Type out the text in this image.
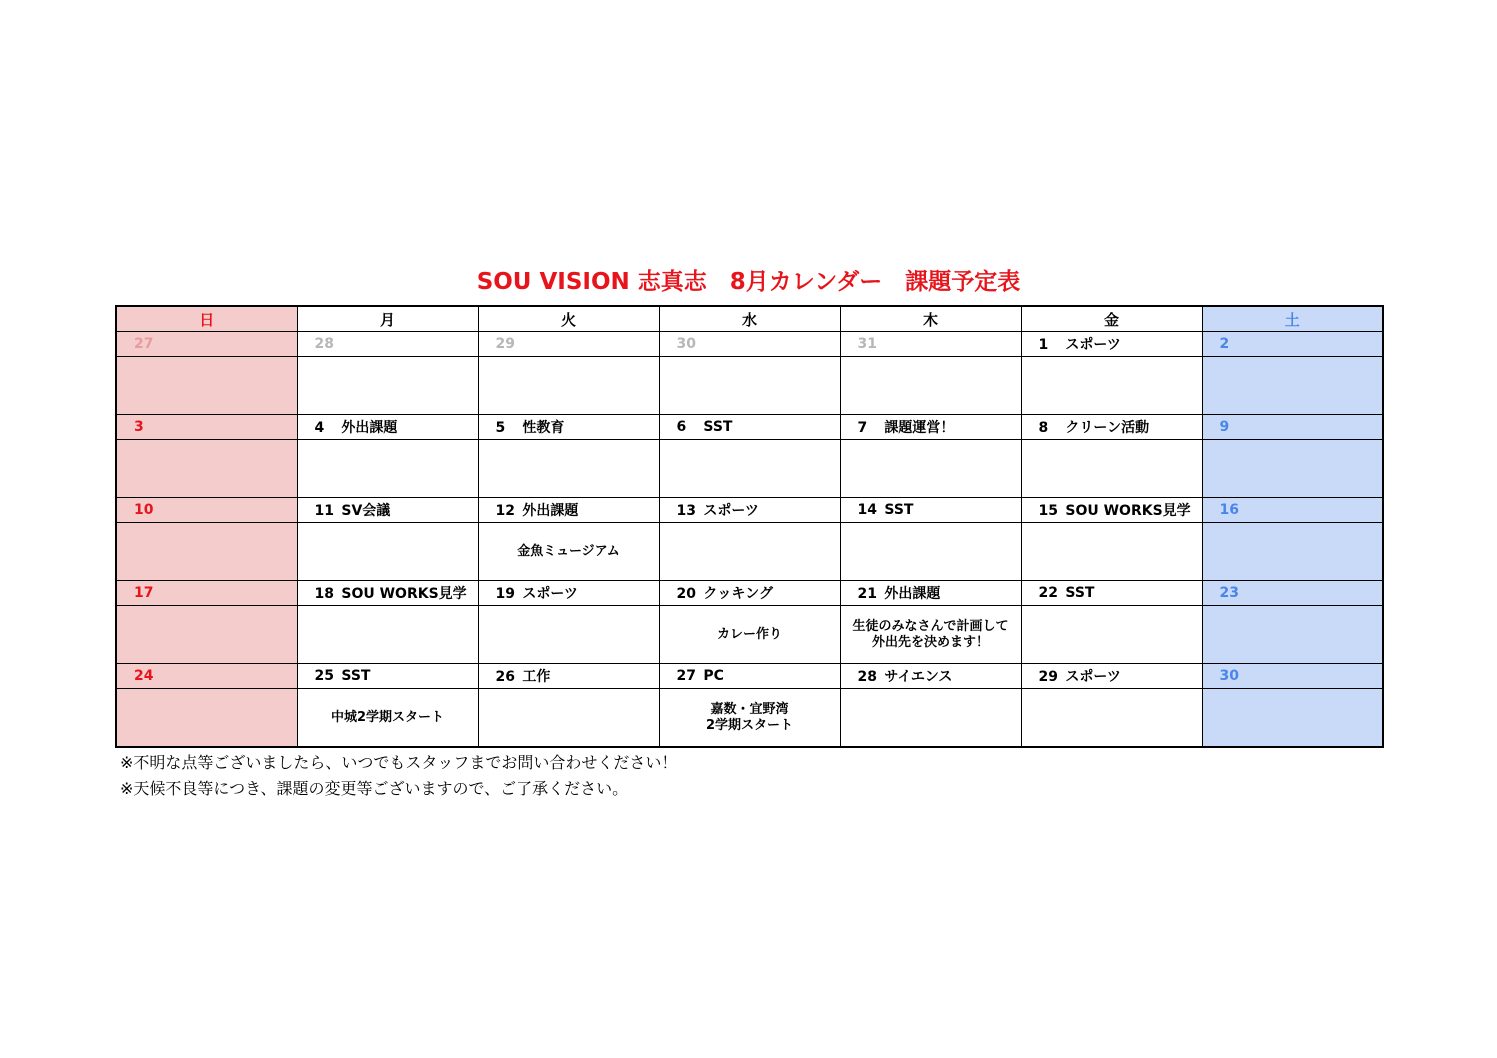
SOU VISION 志真志　8月カレンダー　課題予定表
日	月	火	水	木	金	土

27	28	29	30	31	1 スポーツ	2

3	4 外出課題	5 性教育	6 SST	7 課題運営！	8 クリーン活動	9

10	11 SV会議	12 外出課題	13 スポーツ	14 SST	15 SOU WORKS見学	16

		金魚ミュージアム				

17	18 SOU WORKS見学	19 スポーツ	20 クッキング	21 外出課題	22 SST	23

			カレー作り	生徒のみなさんで計画して
外出先を決めます！		

24	25 SST	26 工作	27 PC	28 サイエンス	29 スポーツ	30

	中城2学期スタート		嘉数・宜野湾
2学期スタート			
※不明な点等ございましたら、いつでもスタッフまでお問い合わせください！
※天候不良等につき、課題の変更等ございますので、ご了承ください。
